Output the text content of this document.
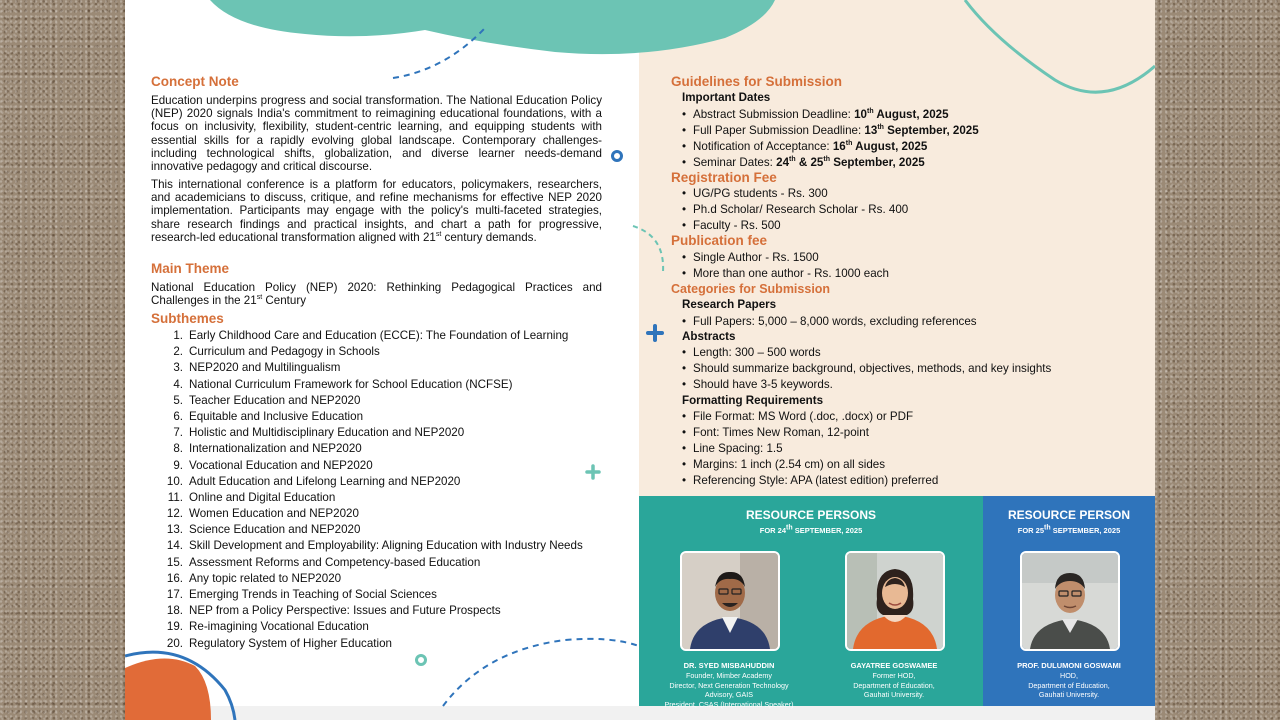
Concept Note

Education underpins progress and social transformation. The National Education Policy (NEP) 2020 signals India's commitment to reimagining educational foundations, with a focus on inclusivity, flexibility, student-centric learning, and equipping students with essential skills for a rapidly evolving global landscape. Contemporary challenges-including technological shifts, globalization, and diverse learner needs-demand innovative pedagogy and critical discourse.

This international conference is a platform for educators, policymakers, researchers, and academicians to discuss, critique, and refine mechanisms for effective NEP 2020 implementation. Participants may engage with the policy's multi-faceted strategies, share research findings and practical insights, and chart a path for progressive, research-led educational transformation aligned with 21st century demands.

Main Theme

National Education Policy (NEP) 2020: Rethinking Pedagogical Practices and Challenges in the 21st Century

Subthemes
1. Early Childhood Care and Education (ECCE): The Foundation of Learning
2. Curriculum and Pedagogy in Schools
3. NEP2020 and Multilingualism
4. National Curriculum Framework for School Education (NCFSE)
5. Teacher Education and NEP2020
6. Equitable and Inclusive Education
7. Holistic and Multidisciplinary Education and NEP2020
8. Internationalization and NEP2020
9. Vocational Education and NEP2020
10. Adult Education and Lifelong Learning and NEP2020
11. Online and Digital Education
12. Women Education and NEP2020
13. Science Education and NEP2020
14. Skill Development and Employability: Aligning Education with Industry Needs
15. Assessment Reforms and Competency-based Education
16. Any topic related to NEP2020
17. Emerging Trends in Teaching of Social Sciences
18. NEP from a Policy Perspective: Issues and Future Prospects
19. Re-imagining Vocational Education
20. Regulatory System of Higher Education
Guidelines for Submission
Important Dates
• Abstract Submission Deadline: 10th August, 2025
• Full Paper Submission Deadline: 13th September, 2025
• Notification of Acceptance: 16th August, 2025
• Seminar Dates: 24th & 25th September, 2025
Registration Fee
• UG/PG students - Rs. 300
• Ph.d Scholar/ Research Scholar - Rs. 400
• Faculty - Rs. 500
Publication fee
• Single Author - Rs. 1500
• More than one author - Rs. 1000 each
Categories for Submission
Research Papers
• Full Papers: 5,000 – 8,000 words, excluding references
Abstracts
• Length: 300 – 500 words
• Should summarize background, objectives, methods, and key insights
• Should have 3-5 keywords.
Formatting Requirements
• File Format: MS Word (.doc, .docx) or PDF
• Font: Times New Roman, 12-point
• Line Spacing: 1.5
• Margins: 1 inch (2.54 cm) on all sides
• Referencing Style: APA (latest edition) preferred
RESOURCE PERSONS
FOR 24th SEPTEMBER, 2025
DR. SYED MISBAHUDDIN
Founder, Mimber Academy
Director, Next Generation Technology
Advisory, GAIS
President, CSAS (International Speaker)
GAYATREE GOSWAMEE
Former HOD,
Department of Education,
Gauhati University.
RESOURCE PERSON
FOR 25th SEPTEMBER, 2025
PROF. DULUMONI GOSWAMI
HOD,
Department of Education,
Gauhati University.
